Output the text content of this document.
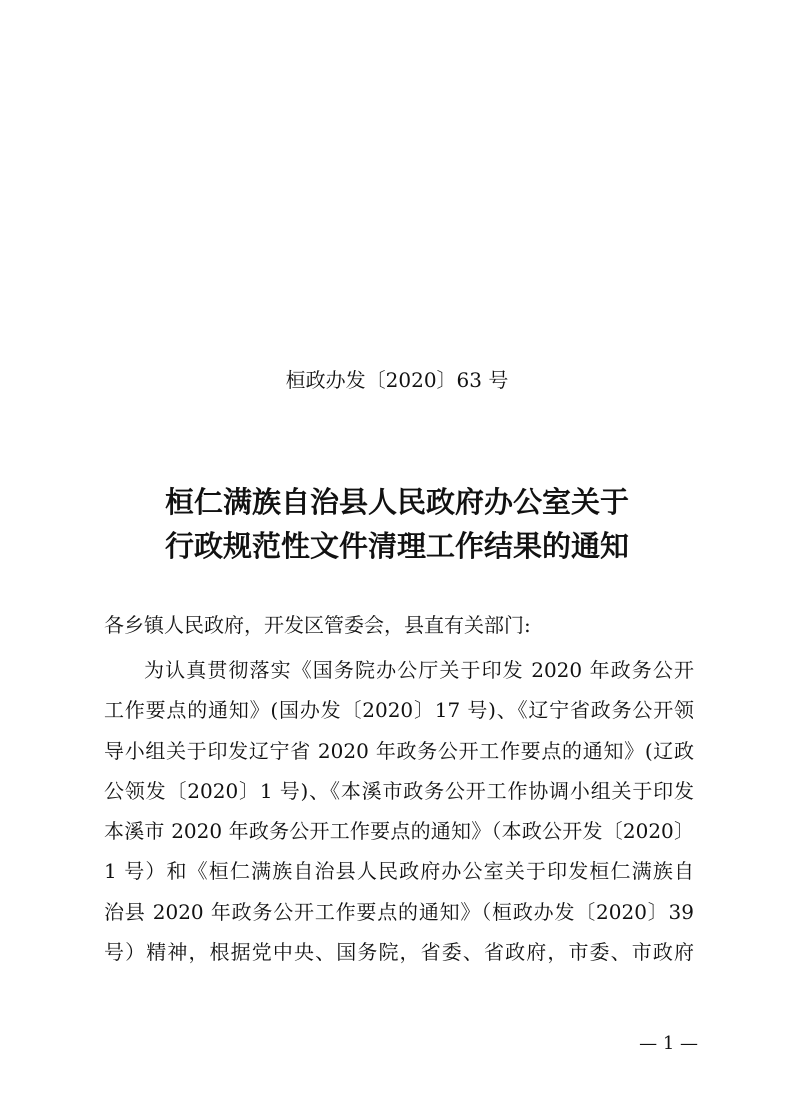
桓政办发〔2020〕63 号
桓仁满族自治县人民政府办公室关于
行政规范性文件清理工作结果的通知
各乡镇人民政府，开发区管委会，县直有关部门:
为认真贯彻落实《国务院办公厅关于印发 2020 年政务公开
工作要点的通知》(国办发〔2020〕17 号)、《辽宁省政务公开领
导小组关于印发辽宁省 2020 年政务公开工作要点的通知》(辽政
公领发〔2020〕1 号)、《本溪市政务公开工作协调小组关于印发
本溪市 2020 年政务公开工作要点的通知》（本政公开发〔2020〕
1 号）和《桓仁满族自治县人民政府办公室关于印发桓仁满族自
治县 2020 年政务公开工作要点的通知》（桓政办发〔2020〕39
号）精神，根据党中央、国务院，省委、省政府，市委、市政府
— 1 —
